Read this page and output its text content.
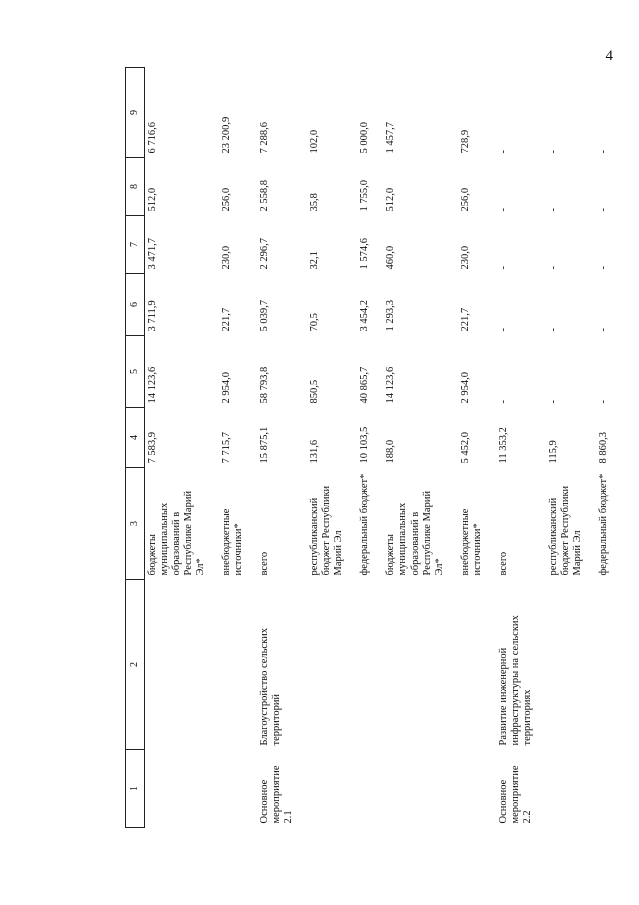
4
1	2	3	4	5	6	7	8	9
		бюджеты муниципальных образований в Республике Марий Эл*	7 583,9	14 123,6	3 711,9	3 471,7	512,0	6 716,6
		внебюджетные источники*	7 715,7	2 954,0	221,7	230,0	256,0	23 200,9
Основное мероприятие 2.1	Благоустройство сельских территорий	всего	15 875,1	58 793,8	5 039,7	2 296,7	2 558,8	7 288,6
		республиканский бюджет Республики Марий Эл	131,6	850,5	70,5	32,1	35,8	102,0
		федеральный бюджет*	10 103,5	40 865,7	3 454,2	1 574,6	1 755,0	5 000,0
		бюджеты муниципальных образований в Республике Марий Эл*	188,0	14 123,6	1 293,3	460,0	512,0	1 457,7
		внебюджетные источники*	5 452,0	2 954,0	221,7	230,0	256,0	728,9
Основное мероприятие 2.2	Развитие инженерной инфраструктуры на сельских территориях	всего	11 353,2	-	-	-	-	-
		республиканский бюджет Республики Марий Эл	115,9	-	-	-	-	-
		федеральный бюджет*	8 860,3	-	-	-	-	-
